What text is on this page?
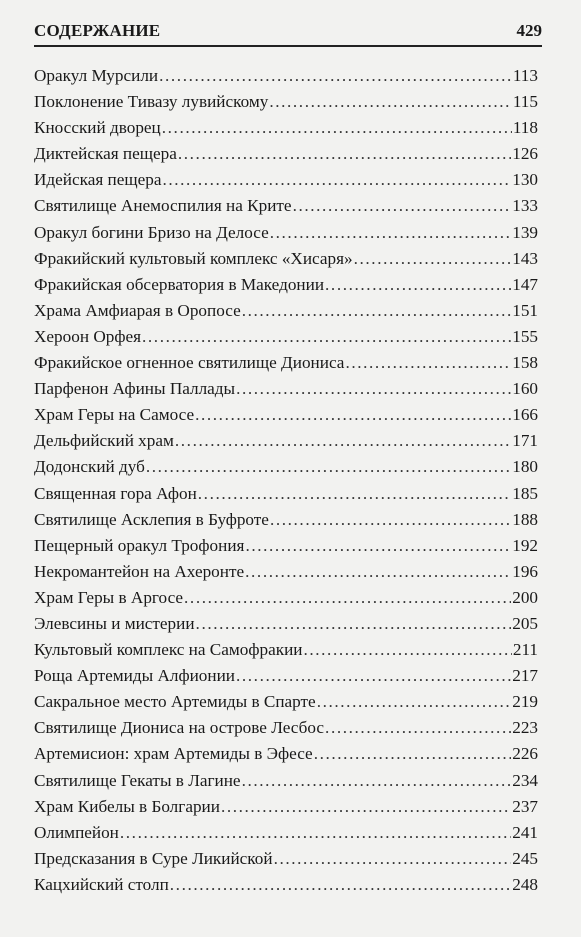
СОДЕРЖАНИЕ	429
Оракул Мурсили .....	113
Поклонение Тивазу лувийскому .....	115
Кносский дворец .....	118
Диктейская пещера .....	126
Идейская пещера .....	130
Святилище Анемоспилия на Крите .....	133
Оракул богини Бризо на Делосе .....	139
Фракийский культовый комплекс «Хисаря» .....	143
Фракийская обсерватория в Македонии .....	147
Храма Амфиарая в Оропосе .....	151
Хероон Орфея .....	155
Фракийское огненное святилище Диониса .....	158
Парфенон Афины Паллады .....	160
Храм Геры на Самосе .....	166
Дельфийский храм .....	171
Додонский дуб .....	180
Священная гора Афон .....	185
Святилище Асклепия в Буфроте .....	188
Пещерный оракул Трофония .....	192
Некромантейон на Ахеронте .....	196
Храм Геры в Аргосе .....	200
Элевсины и мистерии .....	205
Культовый комплекс на Самофракии .....	211
Роща Артемиды Алфионии .....	217
Сакральное место Артемиды в Спарте .....	219
Святилище Диониса на острове Лесбос .....	223
Артемисион: храм Артемиды в Эфесе .....	226
Святилище Гекаты в Лагине .....	234
Храм Кибелы в Болгарии .....	237
Олимпейон .....	241
Предсказания в Суре Ликийской .....	245
Кацхийский столп .....	248
